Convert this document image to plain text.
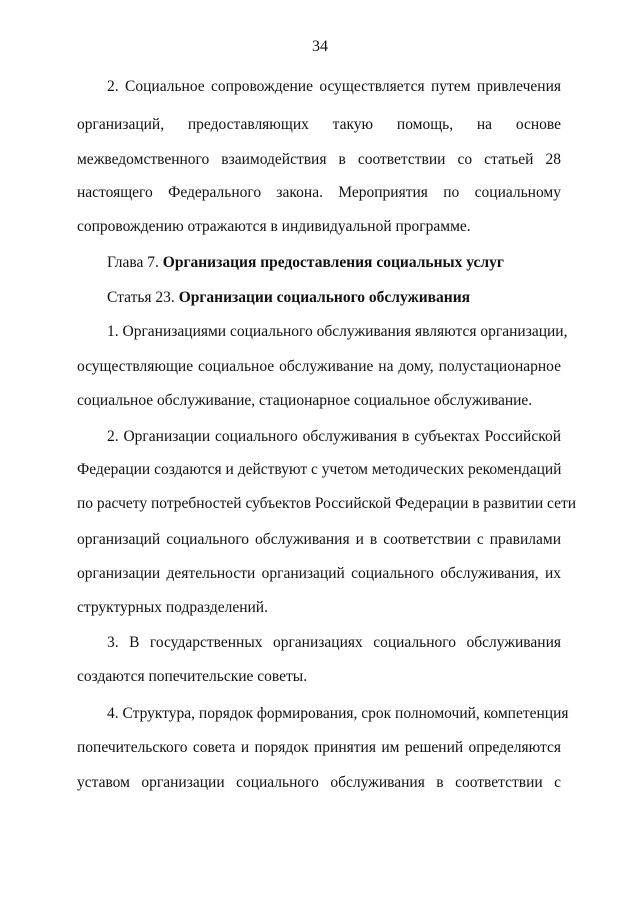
34
2. Социальное сопровождение осуществляется путем привлечения
организаций, предоставляющих такую помощь, на основе
межведомственного взаимодействия в соответствии со статьей 28
настоящего Федерального закона. Мероприятия по социальному
сопровождению отражаются в индивидуальной программе.
Глава 7. Организация предоставления социальных услуг
Статья 23. Организации социального обслуживания
1. Организациями социального обслуживания являются организации,
осуществляющие социальное обслуживание на дому, полустационарное
социальное обслуживание, стационарное социальное обслуживание.
2. Организации социального обслуживания в субъектах Российской
Федерации создаются и действуют с учетом методических рекомендаций
по расчету потребностей субъектов Российской Федерации в развитии сети
организаций социального обслуживания и в соответствии с правилами
организации деятельности организаций социального обслуживания, их
структурных подразделений.
3. В государственных организациях социального обслуживания
создаются попечительские советы.
4. Структура, порядок формирования, срок полномочий, компетенция
попечительского совета и порядок принятия им решений определяются
уставом организации социального обслуживания в соответствии с
